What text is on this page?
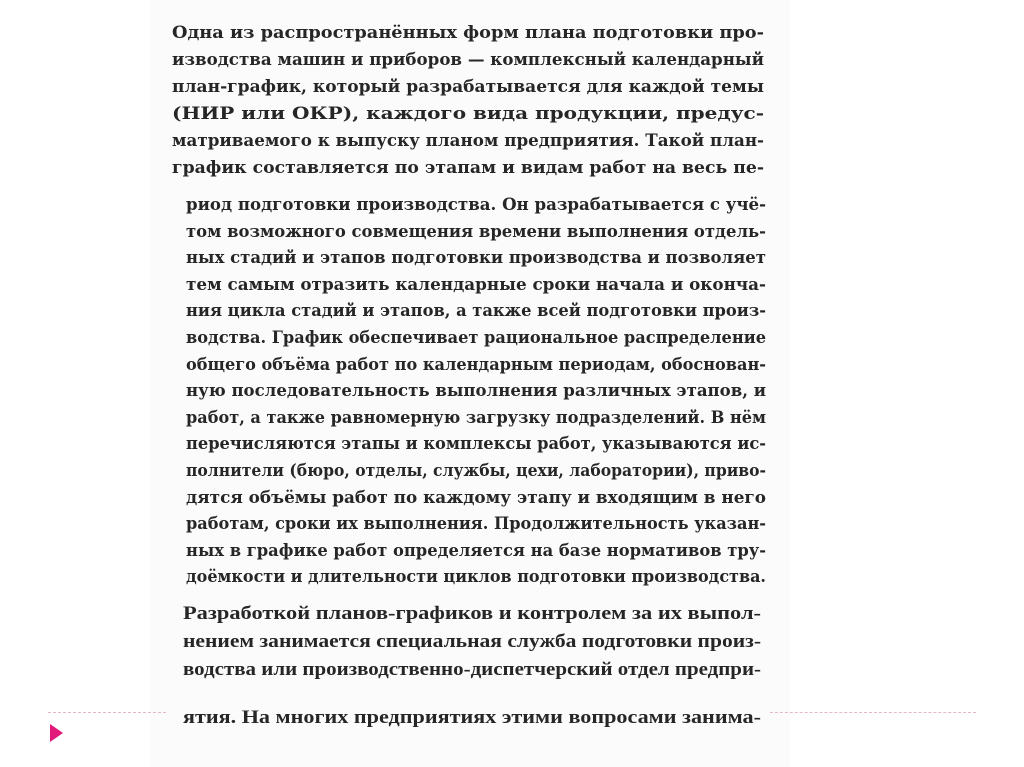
Одна из распространённых форм плана подготовки про-
изводства машин и приборов — комплексный календарный
план-график, который разрабатывается для каждой темы
(НИР или ОКР), каждого вида продукции, предус-
матриваемого к выпуску планом предприятия. Такой план-
график составляется по этапам и видам работ на весь пе-
риод подготовки производства. Он разрабатывается с учё-
том возможного совмещения времени выполнения отдель-
ных стадий и этапов подготовки производства и позволяет
тем самым отразить календарные сроки начала и оконча-
ния цикла стадий и этапов, а также всей подготовки произ-
водства. График обеспечивает рациональное распределение
общего объёма работ по календарным периодам, обоснован-
ную последовательность выполнения различных этапов, и
работ, а также равномерную загрузку подразделений. В нём
перечисляются этапы и комплексы работ, указываются ис-
полнители (бюро, отделы, службы, цехи, лаборатории), приво-
дятся объёмы работ по каждому этапу и входящим в него
работам, сроки их выполнения. Продолжительность указан-
ных в графике работ определяется на базе нормативов тру-
доёмкости и длительности циклов подготовки производства.
Разработкой планов-графиков и контролем за их выпол-
нением занимается специальная служба подготовки произ-
водства или производственно-диспетчерский отдел предпри-
ятия. На многих предприятиях этими вопросами занима-
